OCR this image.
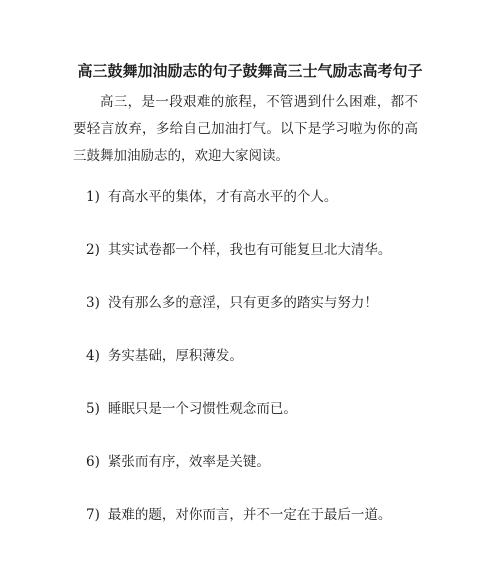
高三鼓舞加油励志的句子鼓舞高三士气励志高考句子

高三，是一段艰难的旅程，不管遇到什么困难，都不要轻言放弃，多给自己加油打气。以下是学习啦为你的高三鼓舞加油励志的，欢迎大家阅读。

1) 有高水平的集体，才有高水平的个人。
2) 其实试卷都一个样，我也有可能复旦北大清华。
3) 没有那么多的意淫，只有更多的踏实与努力！
4) 务实基础，厚积薄发。
5) 睡眠只是一个习惯性观念而已。
6) 紧张而有序，效率是关键。
7) 最难的题，对你而言，并不一定在于最后一道。
